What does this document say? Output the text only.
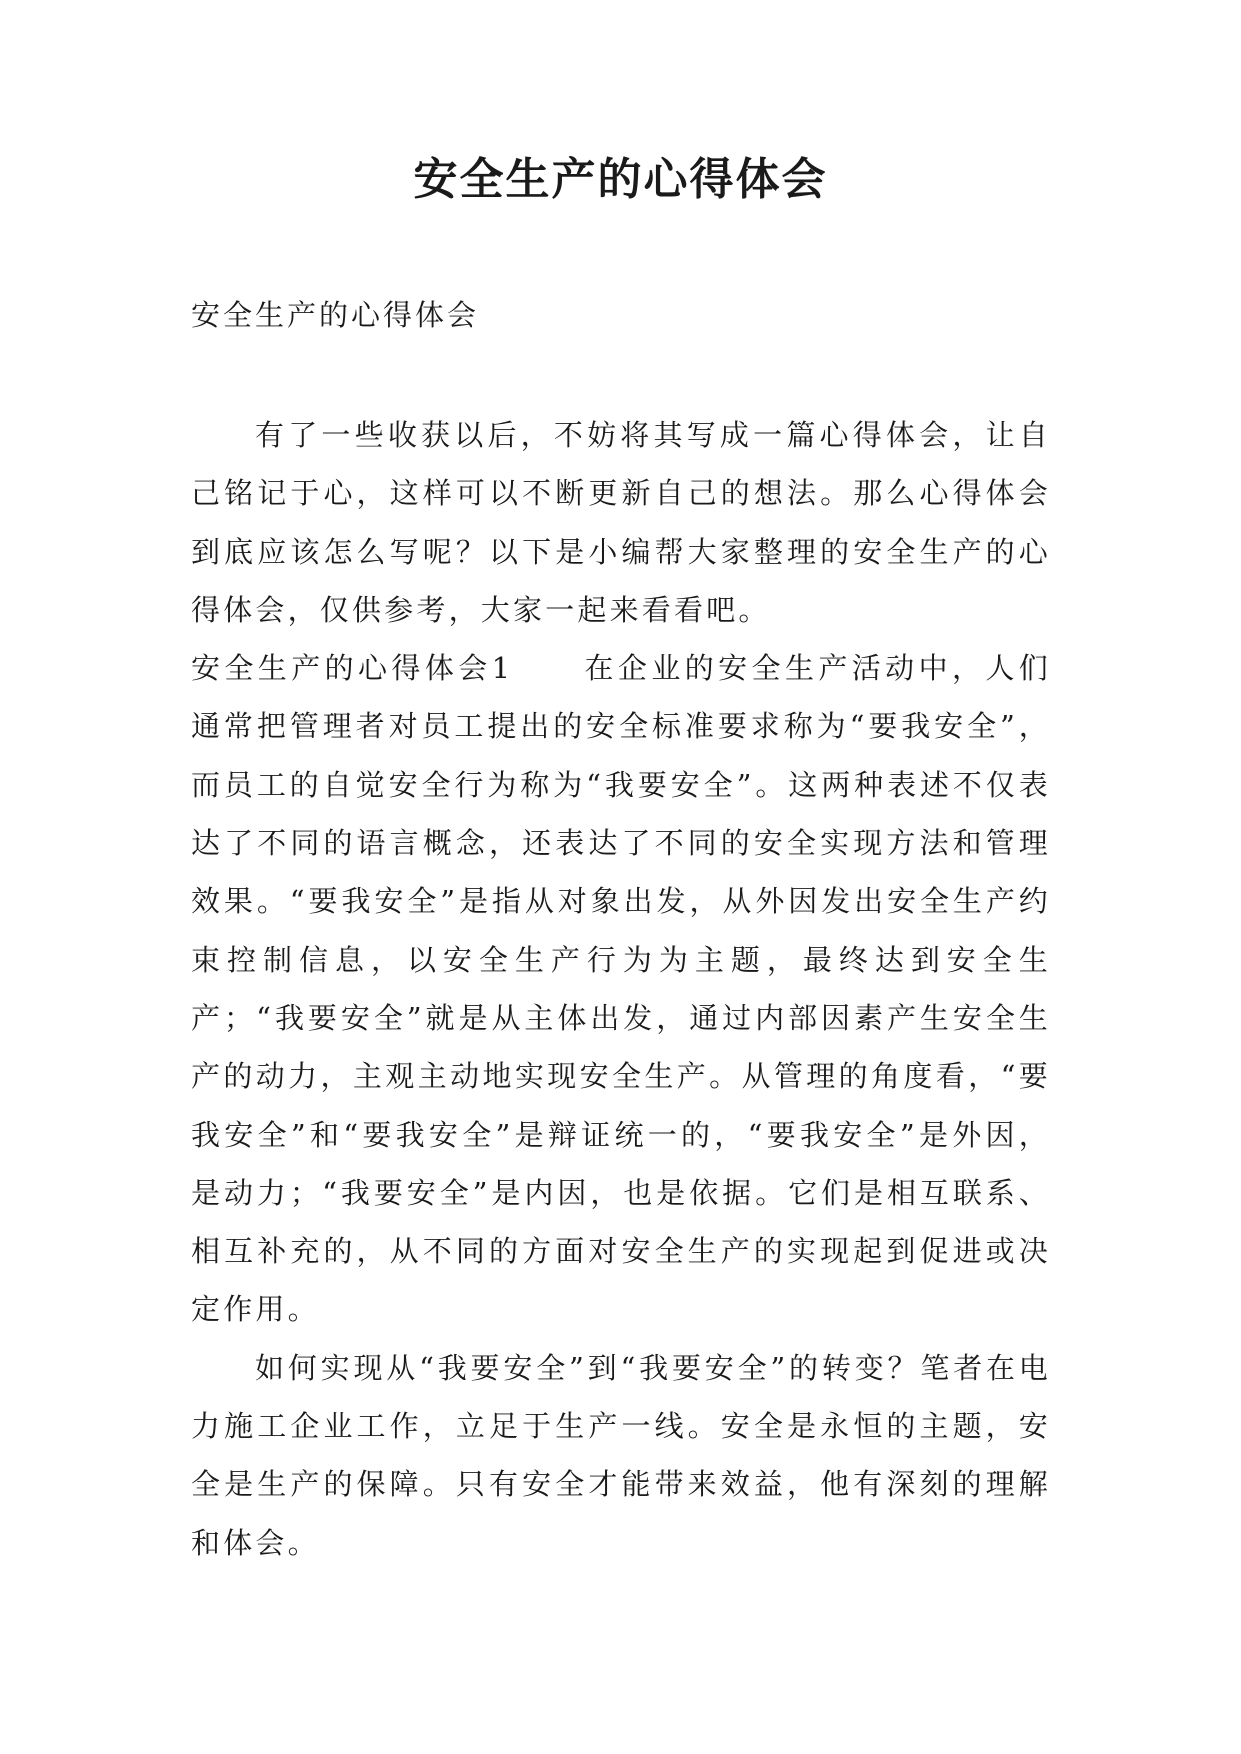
安全生产的心得体会
安全生产的心得体会

有了一些收获以后，不妨将其写成一篇心得体会，让自己铭记于心，这样可以不断更新自己的想法。那么心得体会到底应该怎么写呢？以下是小编帮大家整理的安全生产的心得体会，仅供参考，大家一起来看看吧。

安全生产的心得体会1 在企业的安全生产活动中，人们通常把管理者对员工提出的安全标准要求称为“要我安全”，而员工的自觉安全行为称为“我要安全”。这两种表述不仅表达了不同的语言概念，还表达了不同的安全实现方法和管理效果。“要我安全”是指从对象出发，从外因发出安全生产约束控制信息，以安全生产行为为主题，最终达到安全生产；“我要安全”就是从主体出发，通过内部因素产生安全生产的动力，主观主动地实现安全生产。从管理的角度看，“要我安全”和“要我安全”是辩证统一的，“要我安全”是外因，是动力；“我要安全”是内因，也是依据。它们是相互联系、相互补充的，从不同的方面对安全生产的实现起到促进或决定作用。

如何实现从“我要安全”到“我要安全”的转变？笔者在电力施工企业工作，立足于生产一线。安全是永恒的主题，安全是生产的保障。只有安全才能带来效益，他有深刻的理解和体会。
